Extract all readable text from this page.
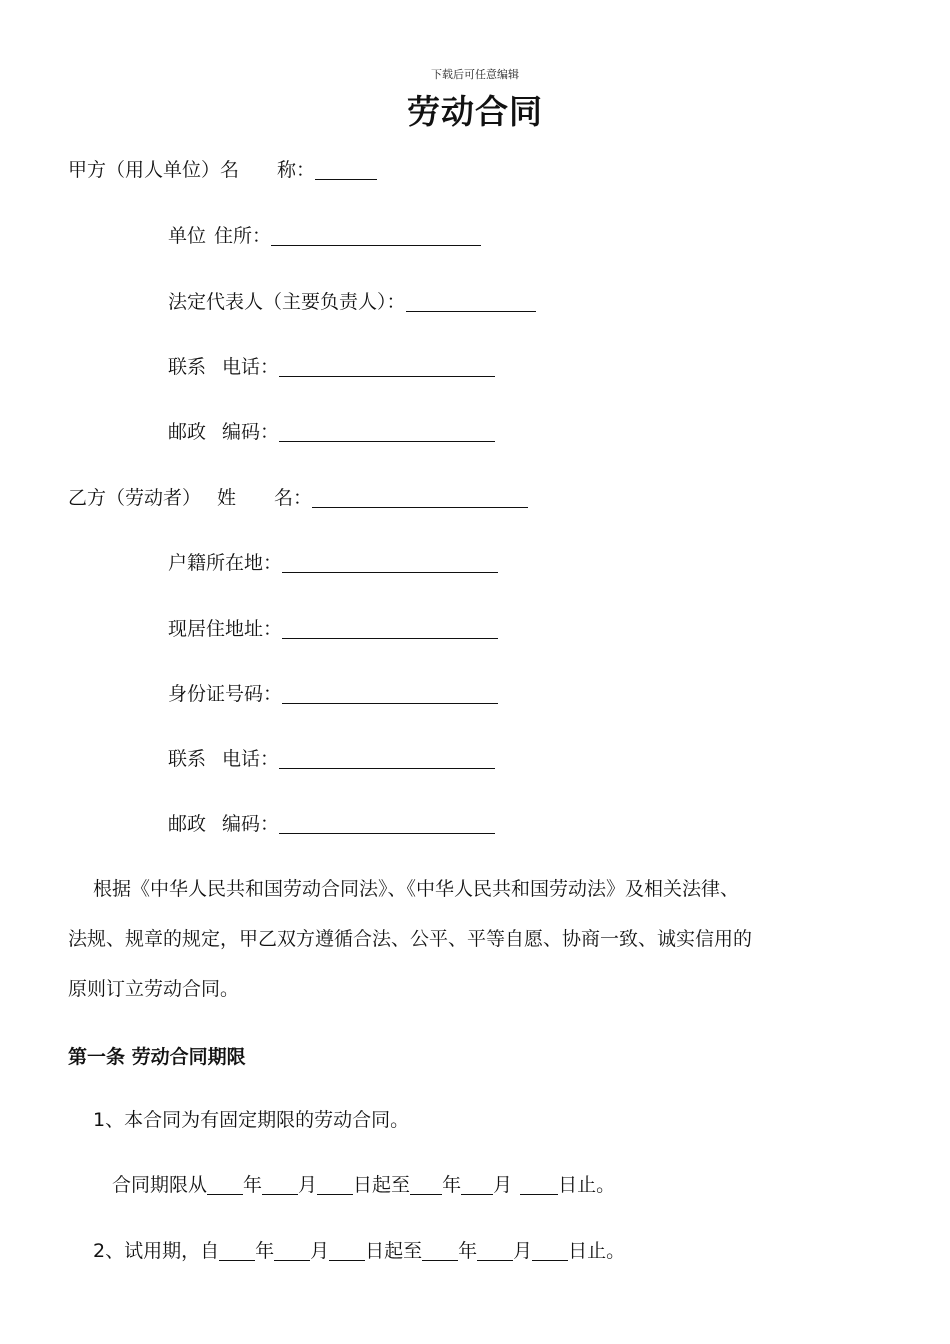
下载后可任意编辑
劳动合同
甲方（用人单位）名 称：
单位 住所：
法定代表人（主要负责人）：
联系 电话：
邮政 编码：
乙方（劳动者） 姓 名：
户籍所在地：
现居住地址：
身份证号码：
联系 电话：
邮政 编码：
根据《中华人民共和国劳动合同法》、《中华人民共和国劳动法》及相关法律、
法规、规章的规定，甲乙双方遵循合法、公平、平等自愿、协商一致、诚实信用的
原则订立劳动合同。
第一条 劳动合同期限
1、本合同为有固定期限的劳动合同。
合同期限从 年 月 日起至 年 月 日止。
2、试用期，自 年 月 日起至 年 月 日止。
